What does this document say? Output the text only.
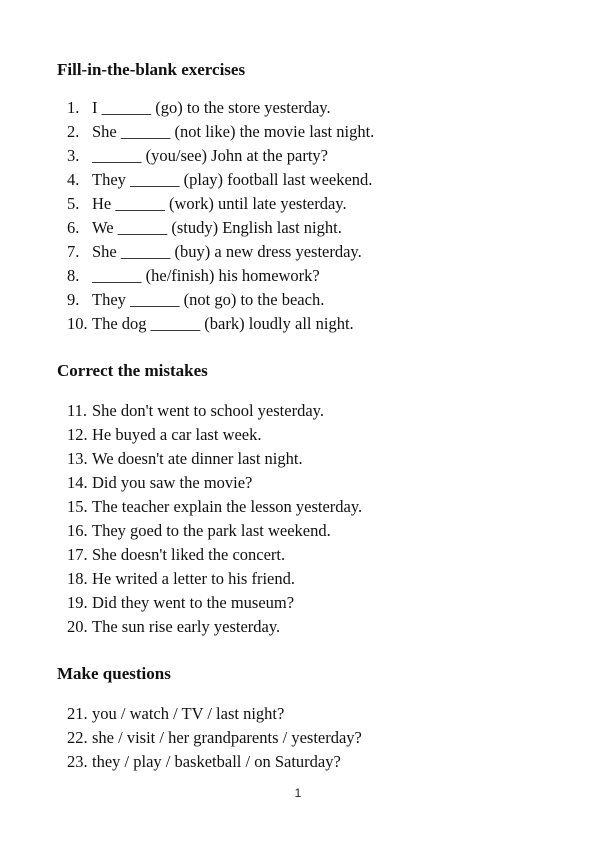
Fill-in-the-blank exercises

1. I ______ (go) to the store yesterday.
2. She ______ (not like) the movie last night.
3. ______ (you/see) John at the party?
4. They ______ (play) football last weekend.
5. He ______ (work) until late yesterday.
6. We ______ (study) English last night.
7. She ______ (buy) a new dress yesterday.
8. ______ (he/finish) his homework?
9. They ______ (not go) to the beach.
10. The dog ______ (bark) loudly all night.

Correct the mistakes

11. She don't went to school yesterday.
12. He buyed a car last week.
13. We doesn't ate dinner last night.
14. Did you saw the movie?
15. The teacher explain the lesson yesterday.
16. They goed to the park last weekend.
17. She doesn't liked the concert.
18. He writed a letter to his friend.
19. Did they went to the museum?
20. The sun rise early yesterday.

Make questions

21. you / watch / TV / last night?
22. she / visit / her grandparents / yesterday?
23. they / play / basketball / on Saturday?
1
